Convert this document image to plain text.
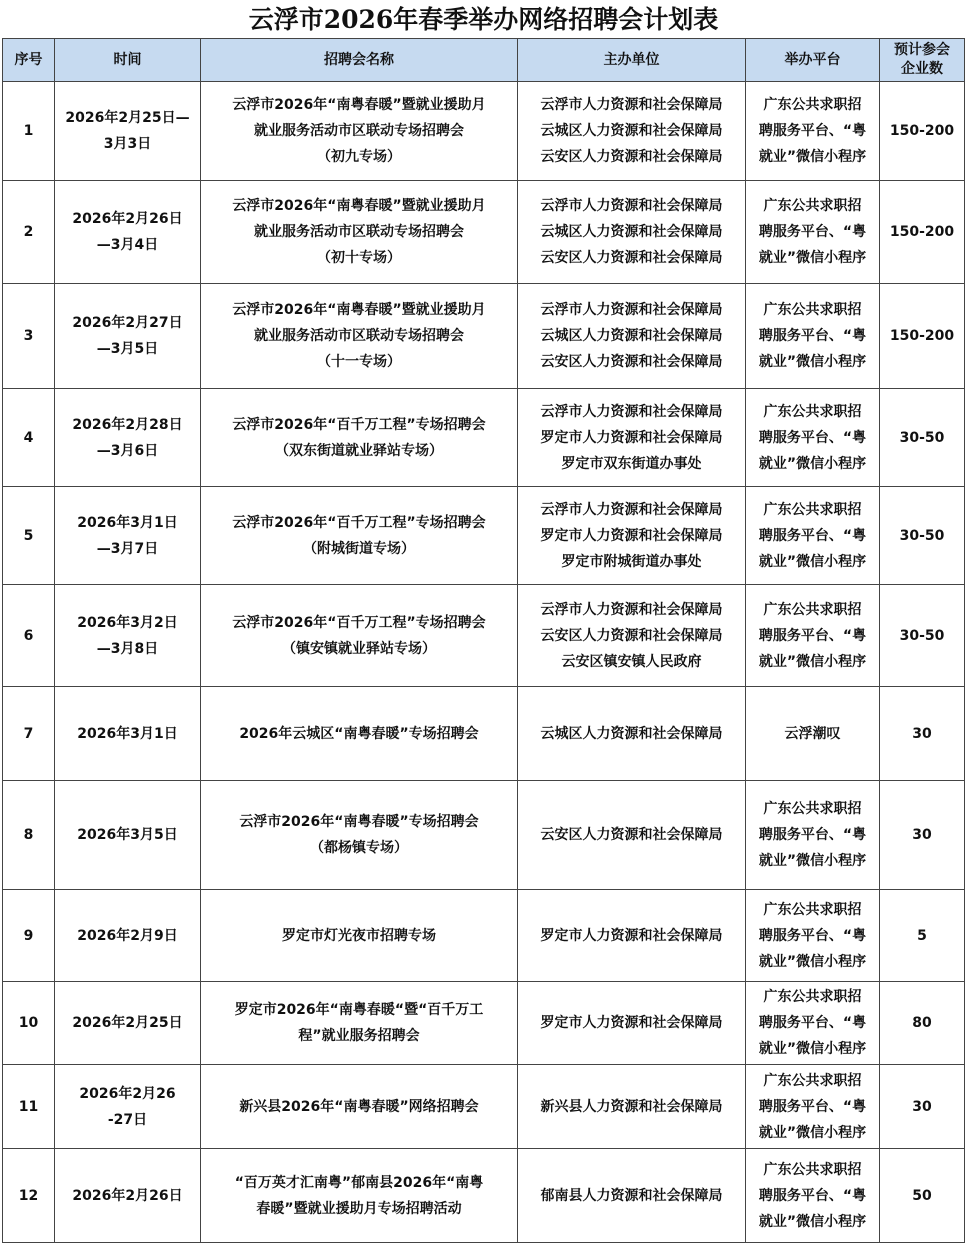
云浮市2026年春季举办网络招聘会计划表
序号	时间	招聘会名称	主办单位	举办平台	预计参会
企业数

1	2026年2月25日—
3月3日	云浮市2026年“南粤春暖”暨就业援助月
就业服务活动市区联动专场招聘会
（初九专场）	云浮市人力资源和社会保障局
云城区人力资源和社会保障局
云安区人力资源和社会保障局	广东公共求职招
聘服务平台、“粤
就业”微信小程序	150-200
2	2026年2月26日
—3月4日	云浮市2026年“南粤春暖”暨就业援助月
就业服务活动市区联动专场招聘会
（初十专场）	云浮市人力资源和社会保障局
云城区人力资源和社会保障局
云安区人力资源和社会保障局	广东公共求职招
聘服务平台、“粤
就业”微信小程序	150-200
3	2026年2月27日
—3月5日	云浮市2026年“南粤春暖”暨就业援助月
就业服务活动市区联动专场招聘会
（十一专场）	云浮市人力资源和社会保障局
云城区人力资源和社会保障局
云安区人力资源和社会保障局	广东公共求职招
聘服务平台、“粤
就业”微信小程序	150-200
4	2026年2月28日
—3月6日	云浮市2026年“百千万工程”专场招聘会
（双东街道就业驿站专场）	云浮市人力资源和社会保障局
罗定市人力资源和社会保障局
罗定市双东街道办事处	广东公共求职招
聘服务平台、“粤
就业”微信小程序	30-50
5	2026年3月1日
—3月7日	云浮市2026年“百千万工程”专场招聘会
（附城街道专场）	云浮市人力资源和社会保障局
罗定市人力资源和社会保障局
罗定市附城街道办事处	广东公共求职招
聘服务平台、“粤
就业”微信小程序	30-50
6	2026年3月2日
—3月8日	云浮市2026年“百千万工程”专场招聘会
（镇安镇就业驿站专场）	云浮市人力资源和社会保障局
云安区人力资源和社会保障局
云安区镇安镇人民政府	广东公共求职招
聘服务平台、“粤
就业”微信小程序	30-50
7	2026年3月1日	2026年云城区“南粤春暖”专场招聘会	云城区人力资源和社会保障局	云浮潮叹	30
8	2026年3月5日	云浮市2026年“南粤春暖”专场招聘会
（都杨镇专场）	云安区人力资源和社会保障局	广东公共求职招
聘服务平台、“粤
就业”微信小程序	30
9	2026年2月9日	罗定市灯光夜市招聘专场	罗定市人力资源和社会保障局	广东公共求职招
聘服务平台、“粤
就业”微信小程序	5
10	2026年2月25日	罗定市2026年“南粤春暖“暨“百千万工
程”就业服务招聘会	罗定市人力资源和社会保障局	广东公共求职招
聘服务平台、“粤
就业”微信小程序	80
11	2026年2月26
-27日	新兴县2026年“南粤春暖”网络招聘会	新兴县人力资源和社会保障局	广东公共求职招
聘服务平台、“粤
就业”微信小程序	30
12	2026年2月26日	“百万英才汇南粤”郁南县2026年“南粤
春暖”暨就业援助月专场招聘活动	郁南县人力资源和社会保障局	广东公共求职招
聘服务平台、“粤
就业”微信小程序	50
